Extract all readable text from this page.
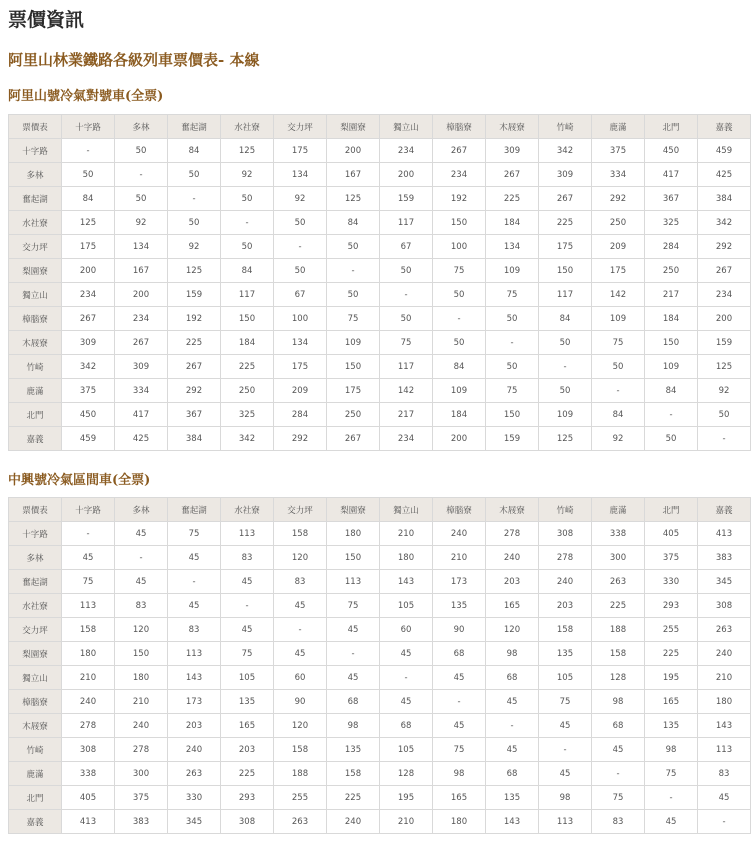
票價資訊
阿里山林業鐵路各級列車票價表- 本線
阿里山號冷氣對號車(全票)
票價表	十字路	多林	奮起湖	水社寮	交力坪	梨園寮	獨立山	樟腦寮	木屐寮	竹崎	鹿滿	北門	嘉義
十字路	-	50	84	125	175	200	234	267	309	342	375	450	459
多林	50	-	50	92	134	167	200	234	267	309	334	417	425
奮起湖	84	50	-	50	92	125	159	192	225	267	292	367	384
水社寮	125	92	50	-	50	84	117	150	184	225	250	325	342
交力坪	175	134	92	50	-	50	67	100	134	175	209	284	292
梨園寮	200	167	125	84	50	-	50	75	109	150	175	250	267
獨立山	234	200	159	117	67	50	-	50	75	117	142	217	234
樟腦寮	267	234	192	150	100	75	50	-	50	84	109	184	200
木屐寮	309	267	225	184	134	109	75	50	-	50	75	150	159
竹崎	342	309	267	225	175	150	117	84	50	-	50	109	125
鹿滿	375	334	292	250	209	175	142	109	75	50	-	84	92
北門	450	417	367	325	284	250	217	184	150	109	84	-	50
嘉義	459	425	384	342	292	267	234	200	159	125	92	50	-
中興號冷氣區間車(全票)
票價表	十字路	多林	奮起湖	水社寮	交力坪	梨園寮	獨立山	樟腦寮	木屐寮	竹崎	鹿滿	北門	嘉義
十字路	-	45	75	113	158	180	210	240	278	308	338	405	413
多林	45	-	45	83	120	150	180	210	240	278	300	375	383
奮起湖	75	45	-	45	83	113	143	173	203	240	263	330	345
水社寮	113	83	45	-	45	75	105	135	165	203	225	293	308
交力坪	158	120	83	45	-	45	60	90	120	158	188	255	263
梨園寮	180	150	113	75	45	-	45	68	98	135	158	225	240
獨立山	210	180	143	105	60	45	-	45	68	105	128	195	210
樟腦寮	240	210	173	135	90	68	45	-	45	75	98	165	180
木屐寮	278	240	203	165	120	98	68	45	-	45	68	135	143
竹崎	308	278	240	203	158	135	105	75	45	-	45	98	113
鹿滿	338	300	263	225	188	158	128	98	68	45	-	75	83
北門	405	375	330	293	255	225	195	165	135	98	75	-	45
嘉義	413	383	345	308	263	240	210	180	143	113	83	45	-
